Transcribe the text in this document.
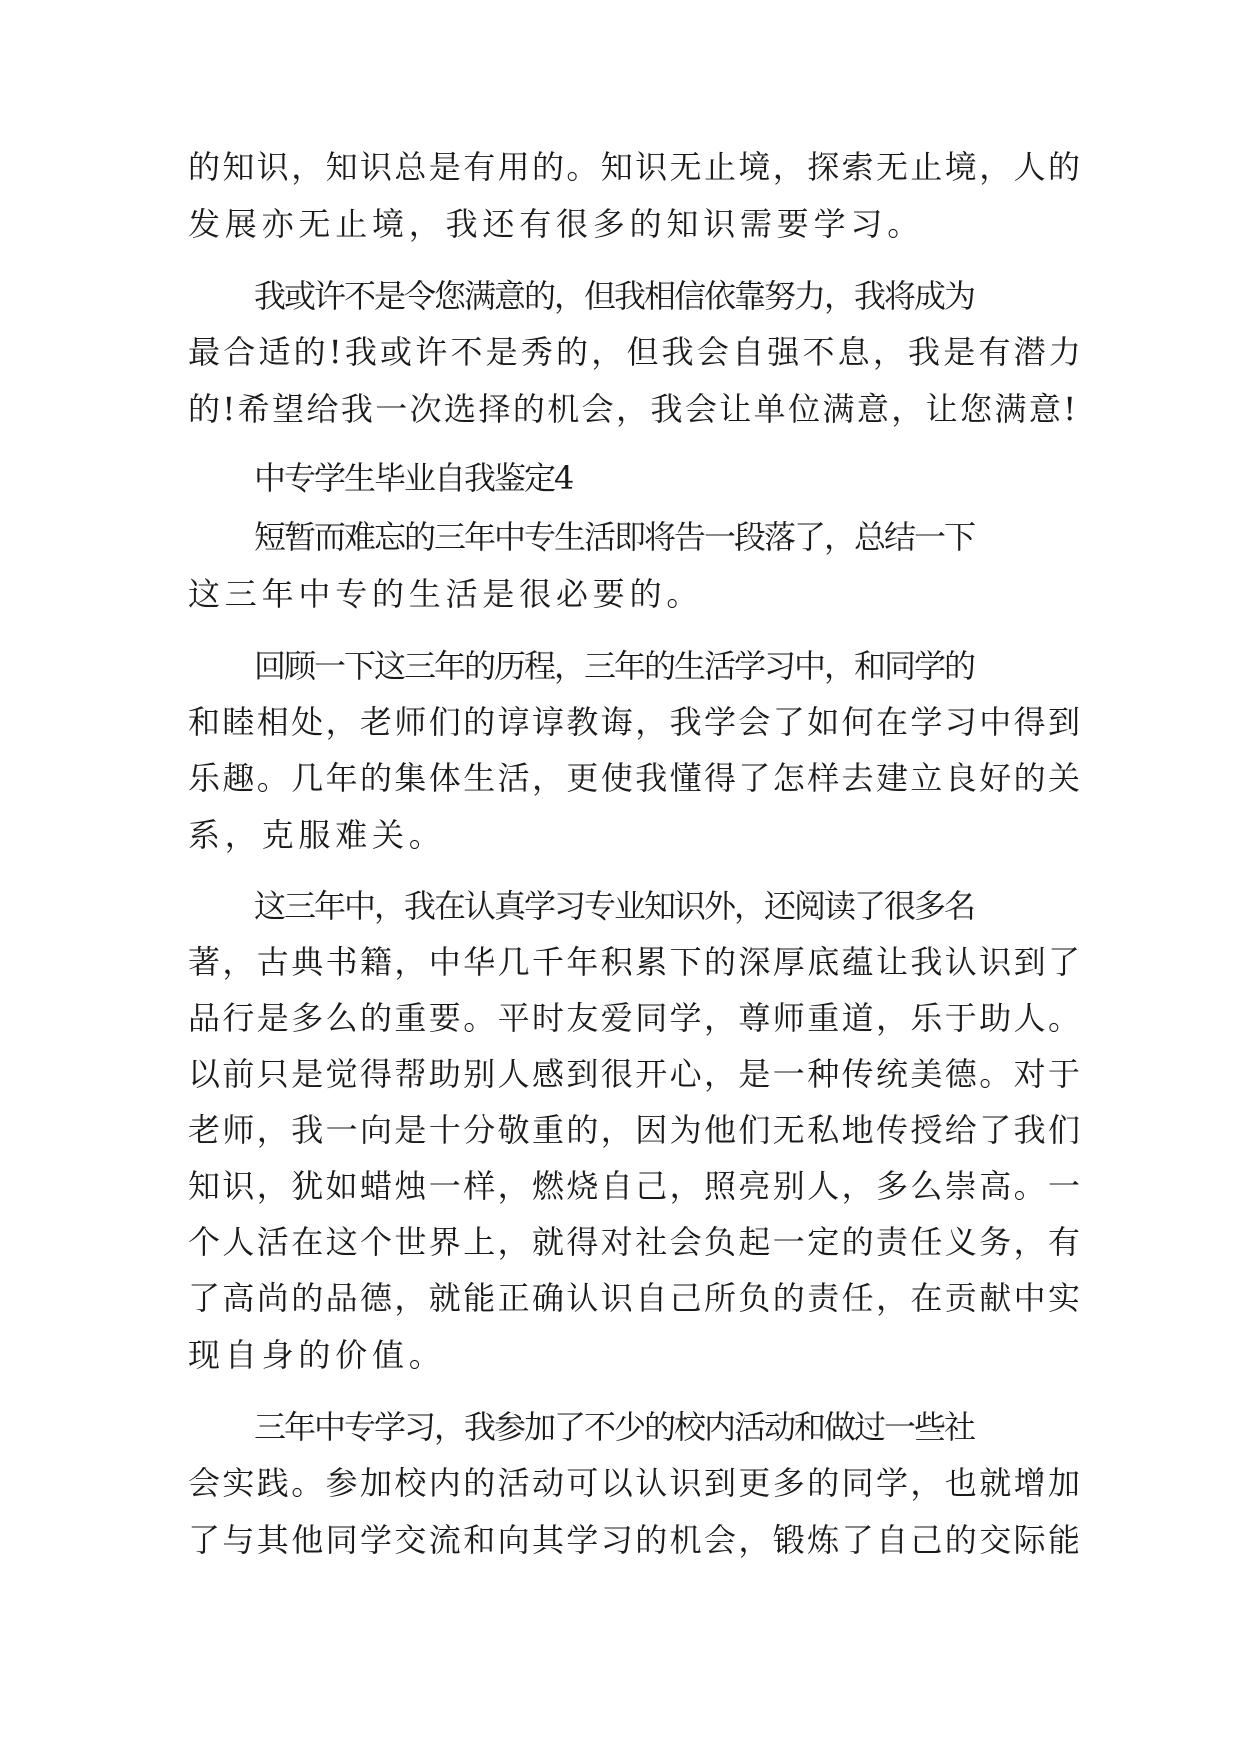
的知识，知识总是有用的。知识无止境，探索无止境，人的
发展亦无止境，我还有很多的知识需要学习。
我或许不是令您满意的，但我相信依靠努力，我将成为
最合适的!我或许不是秀的，但我会自强不息，我是有潜力
的!希望给我一次选择的机会，我会让单位满意，让您满意!
中专学生毕业自我鉴定4
短暂而难忘的三年中专生活即将告一段落了，总结一下
这三年中专的生活是很必要的。
回顾一下这三年的历程，三年的生活学习中，和同学的
和睦相处，老师们的谆谆教诲，我学会了如何在学习中得到
乐趣。几年的集体生活，更使我懂得了怎样去建立良好的关
系，克服难关。
这三年中，我在认真学习专业知识外，还阅读了很多名
著，古典书籍，中华几千年积累下的深厚底蕴让我认识到了
品行是多么的重要。平时友爱同学，尊师重道，乐于助人。
以前只是觉得帮助别人感到很开心，是一种传统美德。对于
老师，我一向是十分敬重的，因为他们无私地传授给了我们
知识，犹如蜡烛一样，燃烧自己，照亮别人，多么崇高。一
个人活在这个世界上，就得对社会负起一定的责任义务，有
了高尚的品德，就能正确认识自己所负的责任，在贡献中实
现自身的价值。
三年中专学习，我参加了不少的校内活动和做过一些社
会实践。参加校内的活动可以认识到更多的同学，也就增加
了与其他同学交流和向其学习的机会，锻炼了自己的交际能
